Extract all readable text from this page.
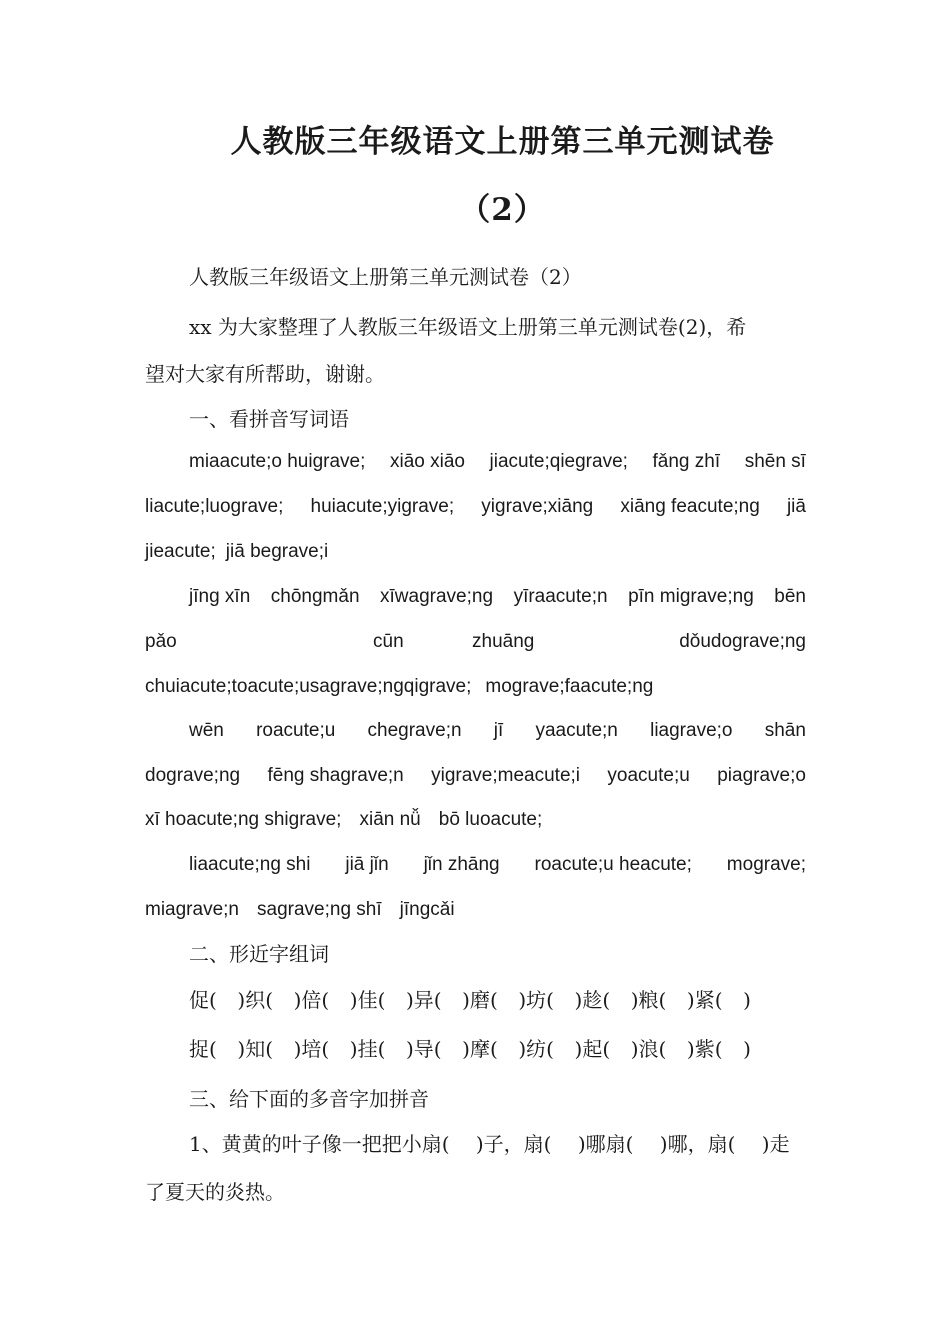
人教版三年级语文上册第三单元测试卷
（2）

人教版三年级语文上册第三单元测试卷（2）

xx 为大家整理了人教版三年级语文上册第三单元测试卷(2)，希

望对大家有所帮助，谢谢。

一、看拼音写词语

miaacute;o huigrave; xiāo xiāo jiacute;qiegrave; fǎng zhī shēn sī
liacute;luograve; huiacute;yigrave; yigrave;xiāng xiāng feacute;ng jiā
jieacute; jiā begrave;i
jīng xīn chōngmǎn xīwagrave;ng yīraacute;n pīn migrave;ng bēn
pǎo	cūn	zhuāng	dǒudograve;ng
chuiacute;toacute;usagrave;ngqigrave; mograve;faacute;ng
wēn roacute;u chegrave;n jī yaacute;n liagrave;o shān
dograve;ng fēng shagrave;n yigrave;meacute;i yoacute;u piagrave;o
xī hoacute;ng shigrave; xiān nǚ bō luoacute;
liaacute;ng shi jiā jǐn jǐn zhāng roacute;u heacute; mograve;
miagrave;n sagrave;ng shī jīngcǎi

二、形近字组词

促( )织( )倍( )佳( )异( )磨( )坊( )趁( )粮( )紧( )
捉( )知( )培( )挂( )导( )摩( )纺( )起( )浪( )紫( )

三、给下面的多音字加拼音

1、黄黄的叶子像一把把小扇(　 )子，扇(　 )哪扇(　 )哪，扇(　 )走

了夏天的炎热。
